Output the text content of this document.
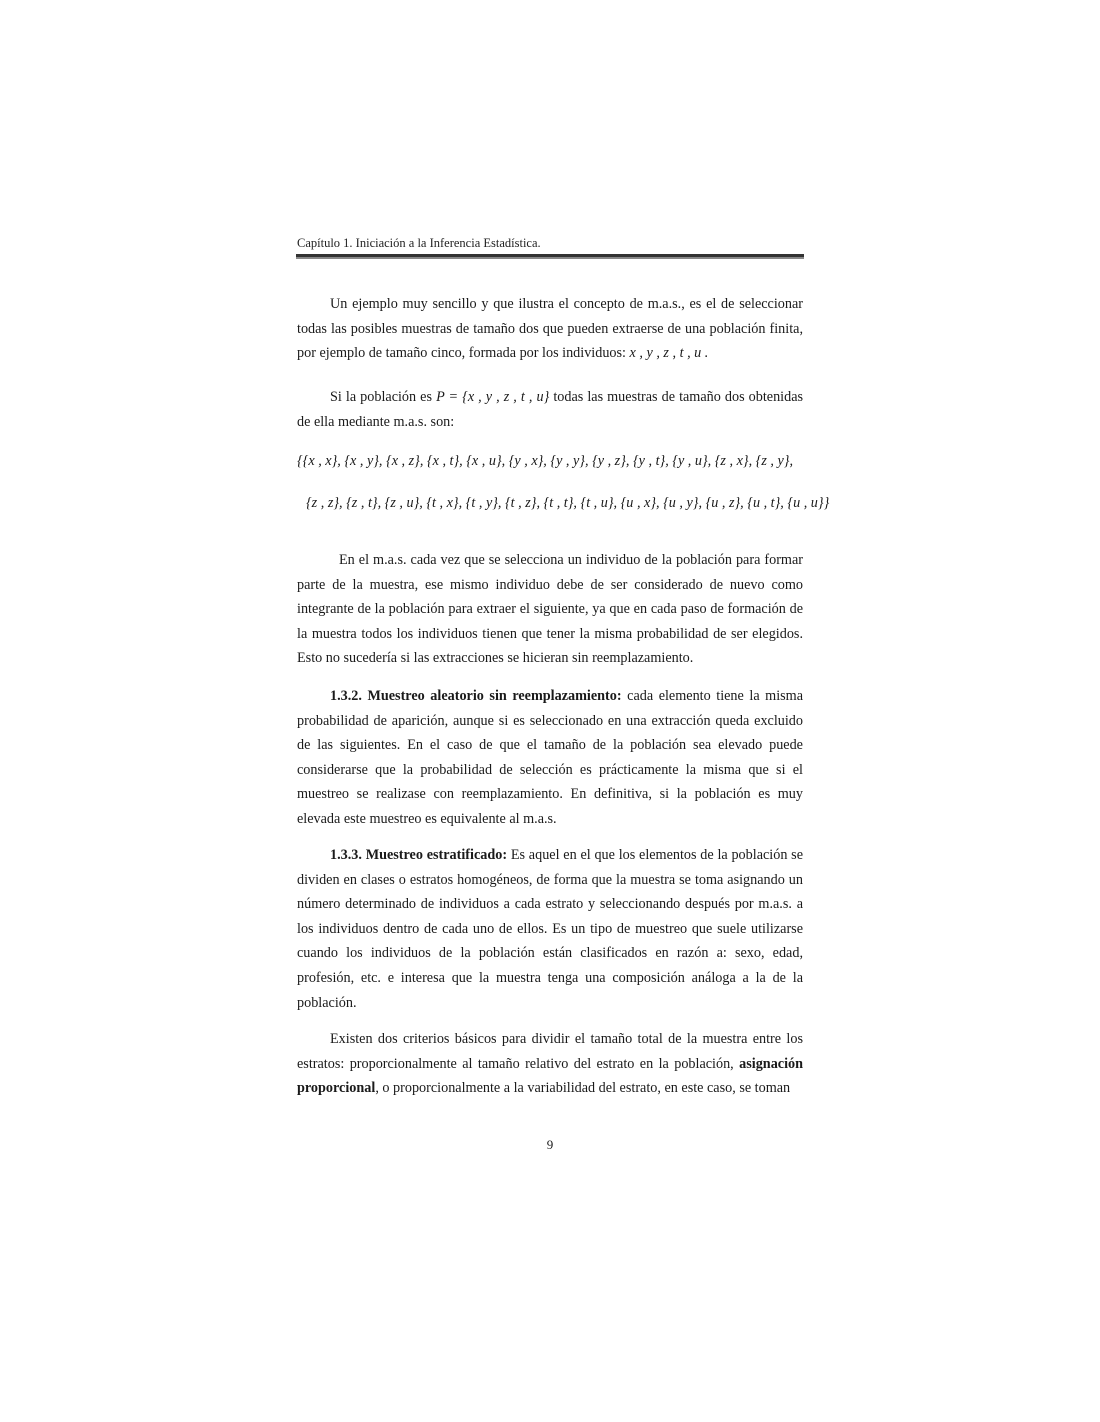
Capítulo 1. Iniciación a la Inferencia Estadística.

Un ejemplo muy sencillo y que ilustra el concepto de m.a.s., es el de seleccionar todas las posibles muestras de tamaño dos que pueden extraerse de una población finita, por ejemplo de tamaño cinco, formada por los individuos: x , y , z , t , u .

Si la población es P = {x , y , z , t , u} todas las muestras de tamaño dos obtenidas de ella mediante m.a.s. son:

{{x , x}, {x , y}, {x , z}, {x , t}, {x , u}, {y , x}, {y , y}, {y , z}, {y , t}, {y , u}, {z , x}, {z , y},
{z , z}, {z , t}, {z , u}, {t , x}, {t , y}, {t , z}, {t , t}, {t , u}, {u , x}, {u , y}, {u , z}, {u , t}, {u , u}}

En el m.a.s. cada vez que se selecciona un individuo de la población para formar parte de la muestra, ese mismo individuo debe de ser considerado de nuevo como integrante de la población para extraer el siguiente, ya que en cada paso de formación de la muestra todos los individuos tienen que tener la misma probabilidad de ser elegidos. Esto no sucedería si las extracciones se hicieran sin reemplazamiento.

1.3.2. Muestreo aleatorio sin reemplazamiento: cada elemento tiene la misma probabilidad de aparición, aunque si es seleccionado en una extracción queda excluido de las siguientes. En el caso de que el tamaño de la población sea elevado puede considerarse que la probabilidad de selección es prácticamente la misma que si el muestreo se realizase con reemplazamiento. En definitiva, si la población es muy elevada este muestreo es equivalente al m.a.s.

1.3.3. Muestreo estratificado: Es aquel en el que los elementos de la población se dividen en clases o estratos homogéneos, de forma que la muestra se toma asignando un número determinado de individuos a cada estrato y seleccionando después por m.a.s. a los individuos dentro de cada uno de ellos. Es un tipo de muestreo que suele utilizarse cuando los individuos de la población están clasificados en razón a: sexo, edad, profesión, etc. e interesa que la muestra tenga una composición análoga a la de la población.

Existen dos criterios básicos para dividir el tamaño total de la muestra entre los estratos: proporcionalmente al tamaño relativo del estrato en la población, asignación proporcional, o proporcionalmente a la variabilidad del estrato, en este caso, se toman

9
